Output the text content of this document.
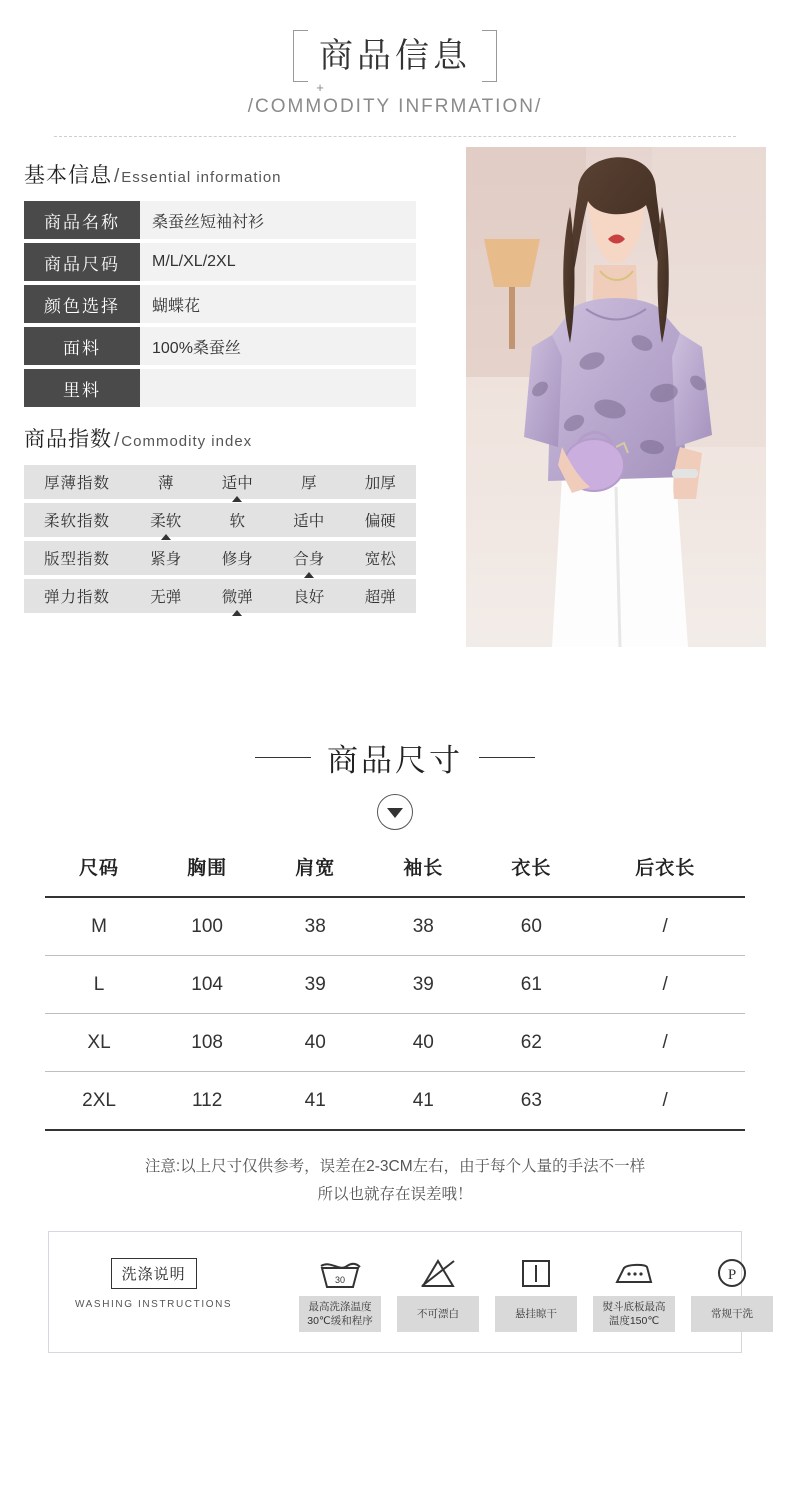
商品信息
+
/COMMODITY INFRMATION/
基本信息 / Essential information
商品名称	桑蚕丝短袖衬衫
商品尺码	M/L/XL/2XL
颜色选择	蝴蝶花
面料	100%桑蚕丝
里料	
商品指数 / Commodity index
厚薄指数	薄	适中	厚	加厚
柔软指数	柔软	软	适中	偏硬
版型指数	紧身	修身	合身	宽松
弹力指数	无弹	微弹	良好	超弹
商品尺寸
尺码	胸围	肩宽	袖长	衣长	后衣长
M	100	38	38	60	/
L	104	39	39	61	/
XL	108	40	40	62	/
2XL	112	41	41	63	/
注意:以上尺寸仅供参考，误差在2-3CM左右，由于每个人量的手法不一样
所以也就存在误差哦！
洗涤说明
WASHING INSTRUCTIONS
30
最高洗涤温度
30℃缓和程序
不可漂白	悬挂晾干
熨斗底板最高
温度150℃
P
常规干洗
